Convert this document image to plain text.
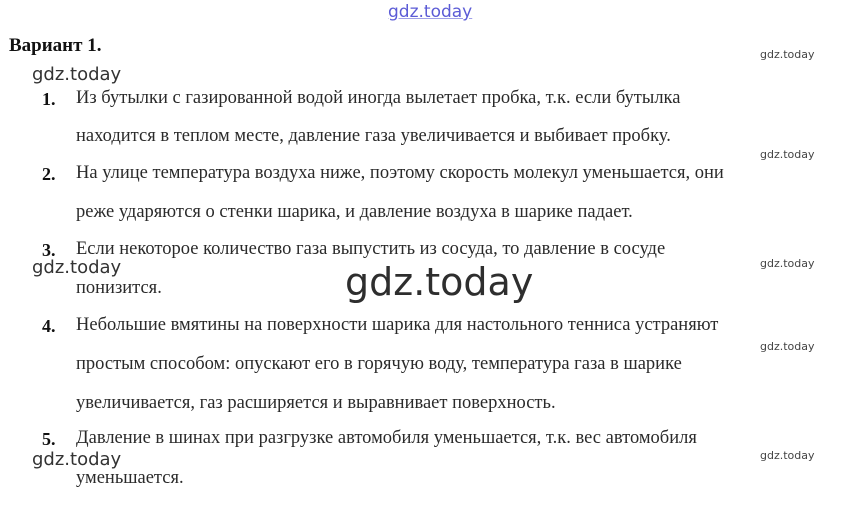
gdz.today
Вариант 1.
1. Из бутылки с газированной водой иногда вылетает пробка, т.к. если бутылка
находится в теплом месте, давление газа увеличивается и выбивает пробку.
2. На улице температура воздуха ниже, поэтому скорость молекул уменьшается, они
реже ударяются о стенки шарика, и давление воздуха в шарике падает.
3. Если некоторое количество газа выпустить из сосуда, то давление в сосуде
понизится.
4. Небольшие вмятины на поверхности шарика для настольного тенниса устраняют
простым способом: опускают его в горячую воду, температура газа в шарике
увеличивается, газ расширяется и выравнивает поверхность.
5. Давление в шинах при разгрузке автомобиля уменьшается, т.к. вес автомобиля
уменьшается.
gdz.today
gdz.today
gdz.today
gdz.today
gdz.today
gdz.today
gdz.today
gdz.today
gdz.today
